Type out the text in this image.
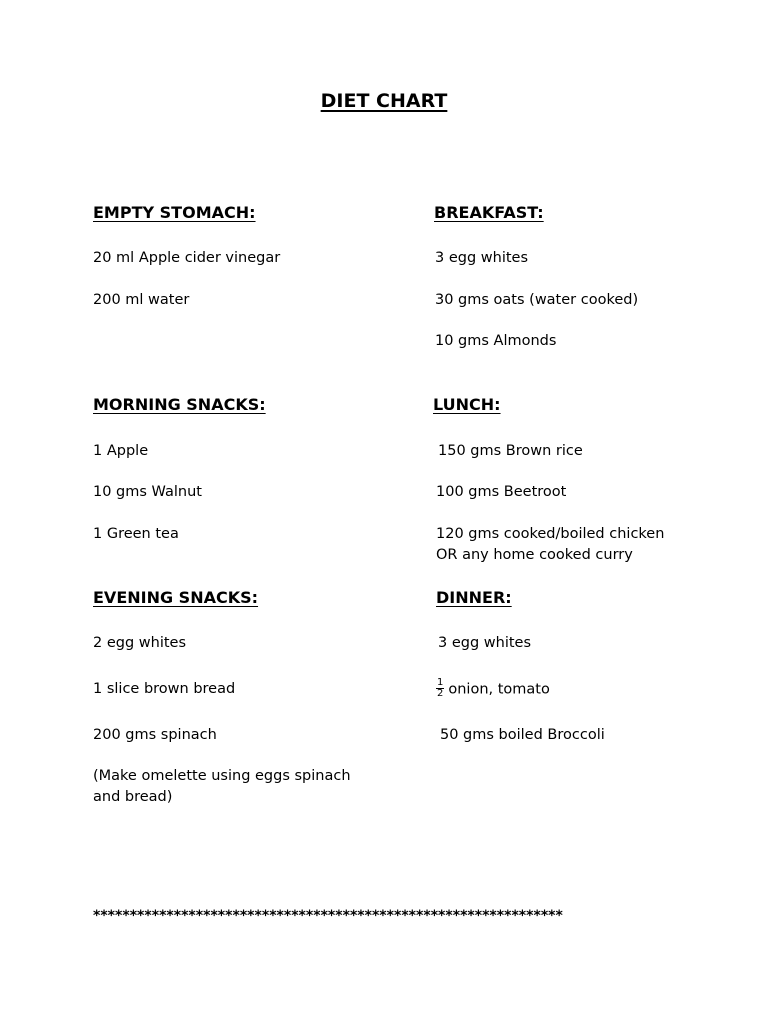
DIET CHART
EMPTY STOMACH:
20 ml Apple cider vinegar
200 ml water
BREAKFAST:
3 egg whites
30 gms oats (water cooked)
10 gms Almonds
MORNING SNACKS:
1 Apple
10 gms Walnut
1 Green tea
LUNCH:
150 gms Brown rice
100 gms Beetroot
120 gms cooked/boiled chicken
OR any home cooked curry
EVENING SNACKS:
2 egg whites
1 slice brown bread
200 gms spinach
(Make omelette using eggs spinach
and bread)
DINNER:
3 egg whites
$\frac{1}{2}$ onion, tomato
50 gms boiled Broccoli
****************************************************************
